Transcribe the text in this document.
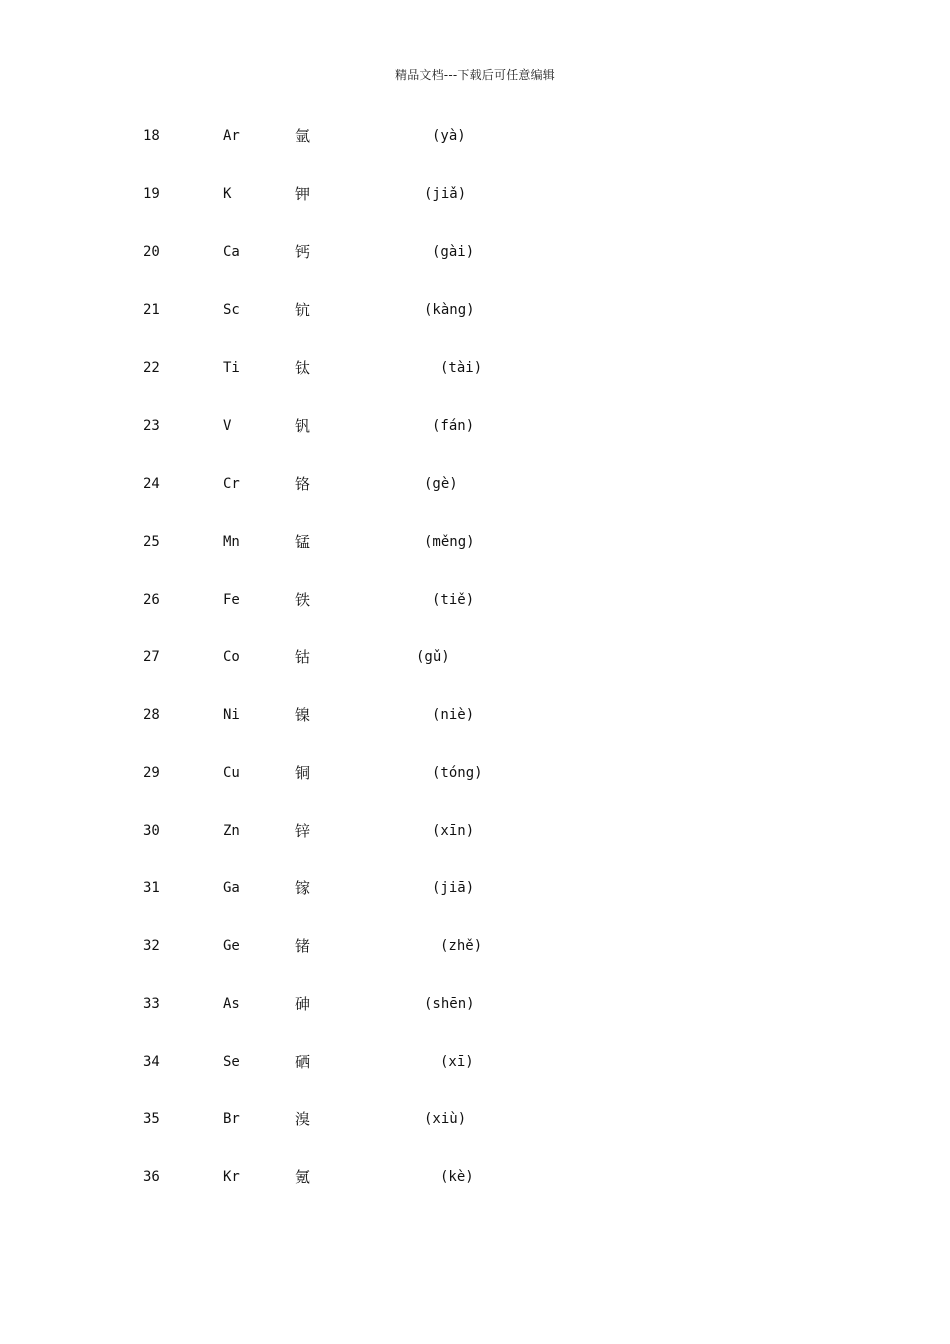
精品文档---下载后可任意编辑
18	Ar	氩	(yà)
19	K	钾	(jiǎ)
20	Ca	钙	(gài)
21	Sc	钪	(kàng)
22	Ti	钛	(tài)
23	V	钒	(fán)
24	Cr	铬	(gè)
25	Mn	锰	(měng)
26	Fe	铁	(tiě)
27	Co	钴	(gǔ)
28	Ni	镍	(niè)
29	Cu	铜	(tóng)
30	Zn	锌	(xīn)
31	Ga	镓	(jiā)
32	Ge	锗	(zhě)
33	As	砷	(shēn)
34	Se	硒	(xī)
35	Br	溴	(xiù)
36	Kr	氪	(kè)
